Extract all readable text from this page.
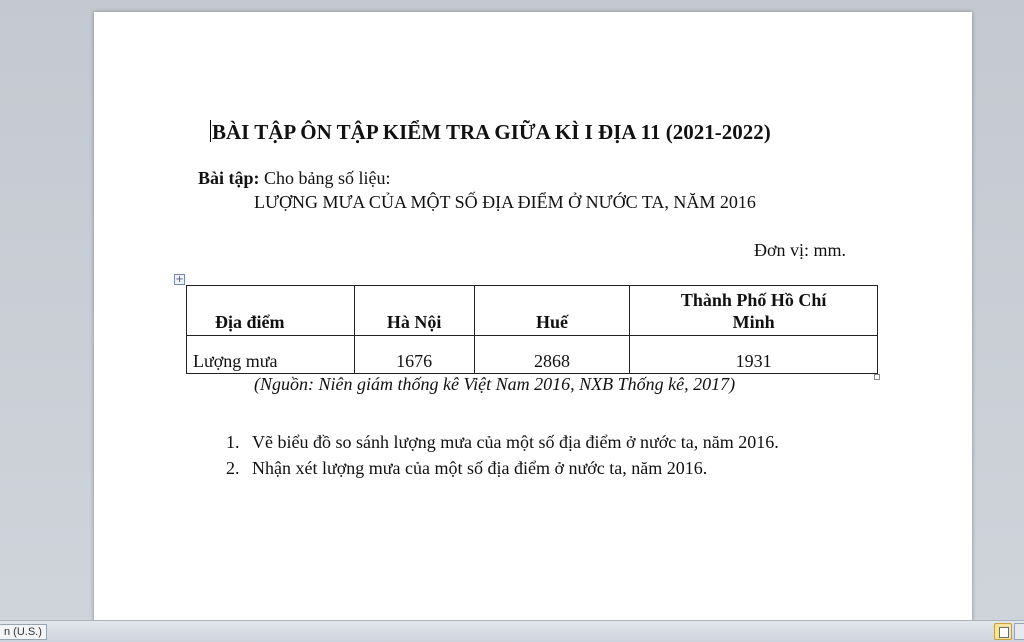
BÀI TẬP ÔN TẬP KIỂM TRA GIỮA KÌ I ĐỊA 11 (2021-2022)
Bài tập: Cho bảng số liệu:
LƯỢNG MƯA CỦA MỘT SỐ ĐỊA ĐIỂM Ở NƯỚC TA, NĂM 2016
Đơn vị: mm.
+
Địa điểm	Hà Nội	Huế	Thành Phố Hồ Chí Minh
Lượng mưa	1676	2868	1931
(Nguồn: Niên giám thống kê Việt Nam 2016, NXB Thống kê, 2017)
1. Vẽ biểu đồ so sánh lượng mưa của một số địa điểm ở nước ta, năm 2016.
2. Nhận xét lượng mưa của một số địa điểm ở nước ta, năm 2016.
n (U.S.)
